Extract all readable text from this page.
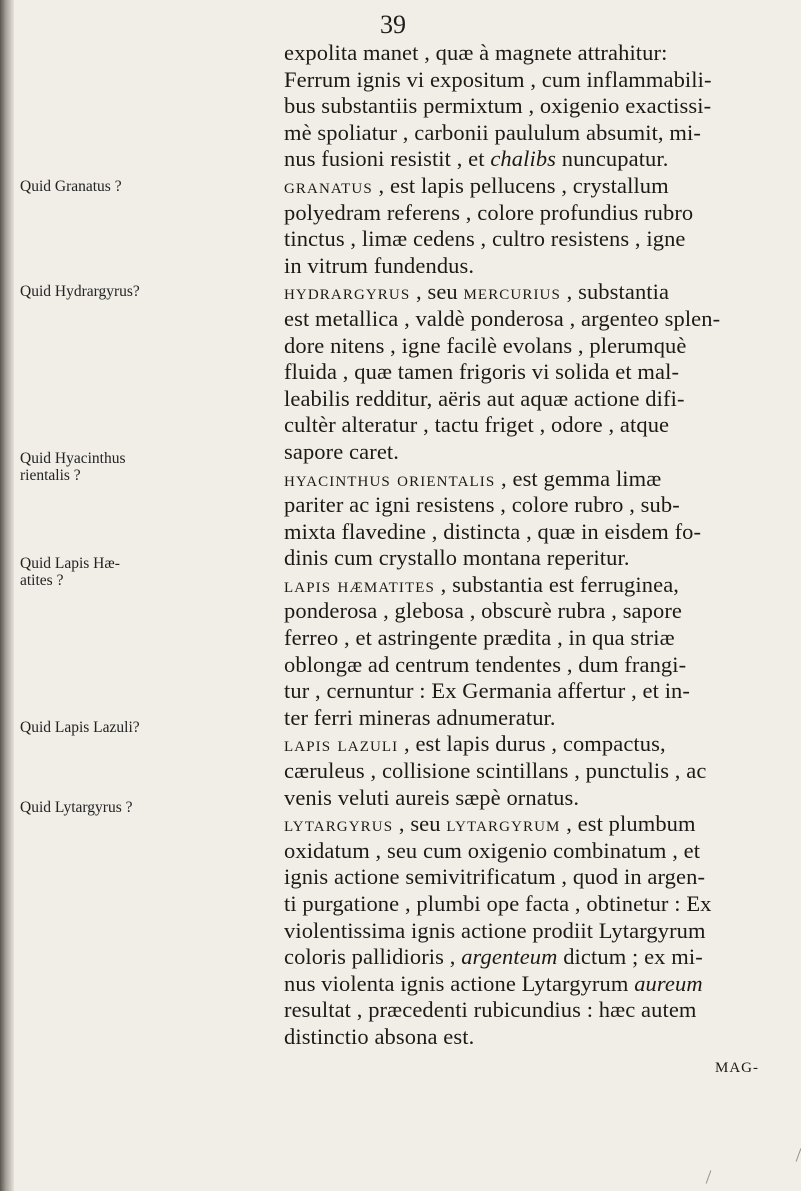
39
expolita manet , quæ à magnete attrahitur:
Ferrum ignis vi expositum , cum inflammabili-
bus substantiis permixtum , oxigenio exactissi-
mè spoliatur , carbonii paululum absumit, mi-
nus fusioni resistit , et chalibs nuncupatur.
granatus , est lapis pellucens , crystallum
polyedram referens , colore profundius rubro
tinctus , limæ cedens , cultro resistens , igne
in vitrum fundendus.
hydrargyrus , seu mercurius , substantia
est metallica , valdè ponderosa , argenteo splen-
dore nitens , igne facilè evolans , plerumquè
fluida , quæ tamen frigoris vi solida et mal-
leabilis redditur, aëris aut aquæ actione difi-
cultèr alteratur , tactu friget , odore , atque
sapore caret.
hyacinthus orientalis , est gemma limæ
pariter ac igni resistens , colore rubro , sub-
mixta flavedine , distincta , quæ in eisdem fo-
dinis cum crystallo montana reperitur.
lapis hæmatites , substantia est ferruginea,
ponderosa , glebosa , obscurè rubra , sapore
ferreo , et astringente prædita , in qua striæ
oblongæ ad centrum tendentes , dum frangi-
tur , cernuntur : Ex Germania affertur , et in-
ter ferri mineras adnumeratur.
lapis lazuli , est lapis durus , compactus,
cæruleus , collisione scintillans , punctulis , ac
venis veluti aureis sæpè ornatus.
lytargyrus , seu lytargyrum , est plumbum
oxidatum , seu cum oxigenio combinatum , et
ignis actione semivitrificatum , quod in argen-
ti purgatione , plumbi ope facta , obtinetur : Ex
violentissima ignis actione prodiit Lytargyrum
coloris pallidioris , argenteum dictum ; ex mi-
nus violenta ignis actione Lytargyrum aureum
resultat , præcedenti rubicundius : hæc autem
distinctio absona est.
Quid Granatus ?
Quid Hydrargyrus?
Quid Hyacinthus
rientalis ?
Quid Lapis Hæ-
atites ?
Quid Lapis Lazuli?
Quid Lytargyrus ?
MAG-
